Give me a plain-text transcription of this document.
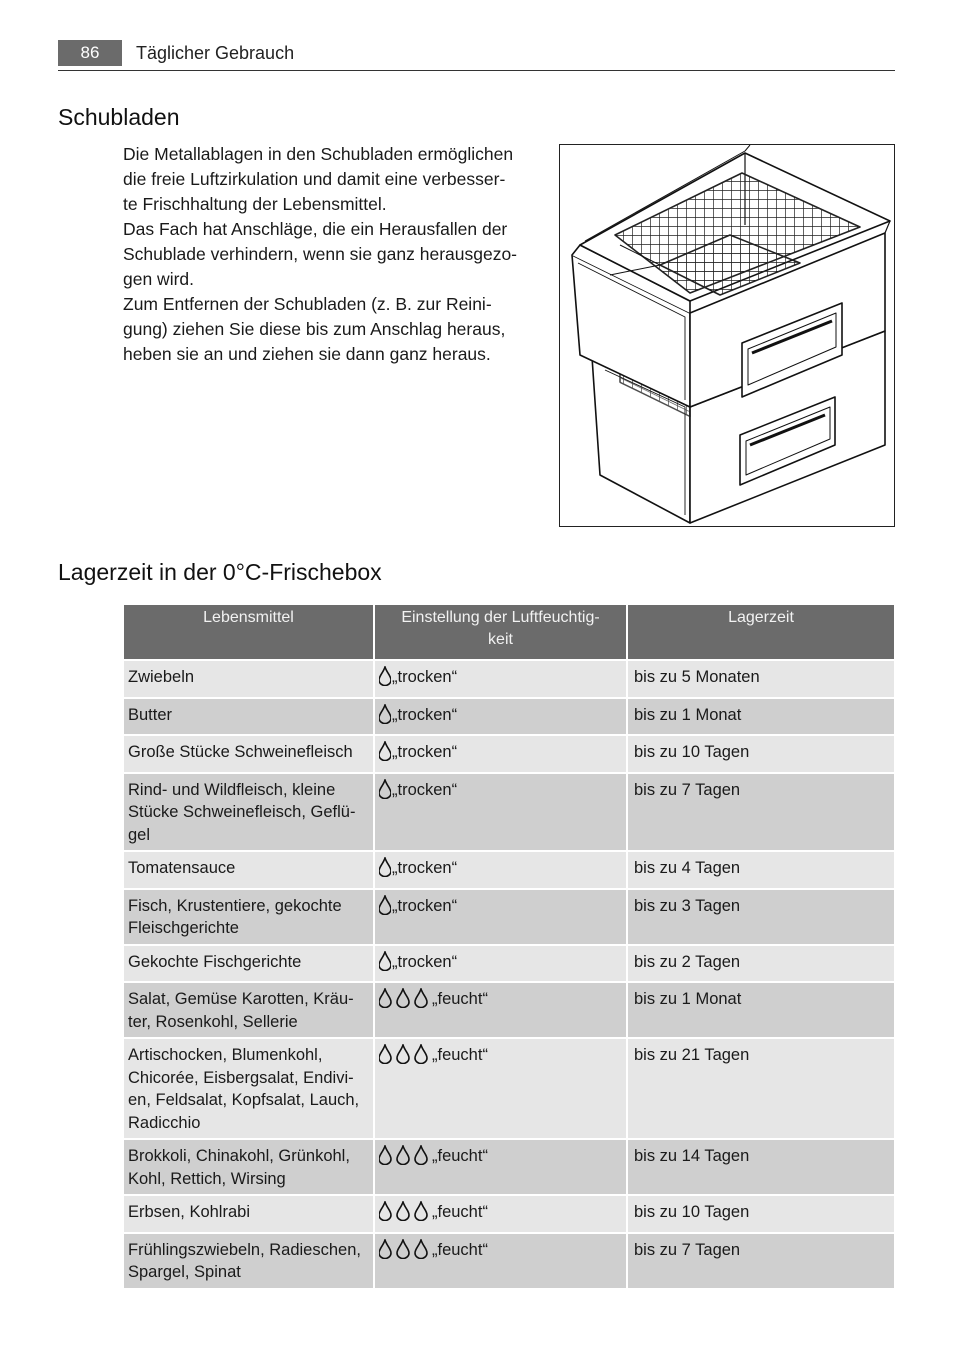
86	Täglicher Gebrauch
Schubladen

Die Metallablagen in den Schubladen ermöglichen
die freie Luftzirkulation und damit eine verbesser-
te Frischhaltung der Lebensmittel.
Das Fach hat Anschläge, die ein Herausfallen der
Schublade verhindern, wenn sie ganz herausgezo-
gen wird.
Zum Entfernen der Schubladen (z. B. zur Reini-
gung) ziehen Sie diese bis zum Anschlag heraus,
heben sie an und ziehen sie dann ganz heraus.

Lagerzeit in der 0°C-Frischebox
Lebensmittel	Einstellung der Luftfeuchtig-
keit	Lagerzeit
Zwiebeln	„trocken“	bis zu 5 Monaten
Butter	„trocken“	bis zu 1 Monat
Große Stücke Schweinefleisch	„trocken“	bis zu 10 Tagen
Rind- und Wildfleisch, kleine
Stücke Schweinefleisch, Geflü-
gel	„trocken“	bis zu 7 Tagen
Tomatensauce	„trocken“	bis zu 4 Tagen
Fisch, Krustentiere, gekochte
Fleischgerichte	„trocken“	bis zu 3 Tagen
Gekochte Fischgerichte	„trocken“	bis zu 2 Tagen
Salat, Gemüse Karotten, Kräu-
ter, Rosenkohl, Sellerie	„feucht“	bis zu 1 Monat
Artischocken, Blumenkohl,
Chicorée, Eisbergsalat, Endivi-
en, Feldsalat, Kopfsalat, Lauch,
Radicchio	„feucht“	bis zu 21 Tagen
Brokkoli, Chinakohl, Grünkohl,
Kohl, Rettich, Wirsing	„feucht“	bis zu 14 Tagen
Erbsen, Kohlrabi	„feucht“	bis zu 10 Tagen
Frühlingszwiebeln, Radieschen,
Spargel, Spinat	„feucht“	bis zu 7 Tagen
